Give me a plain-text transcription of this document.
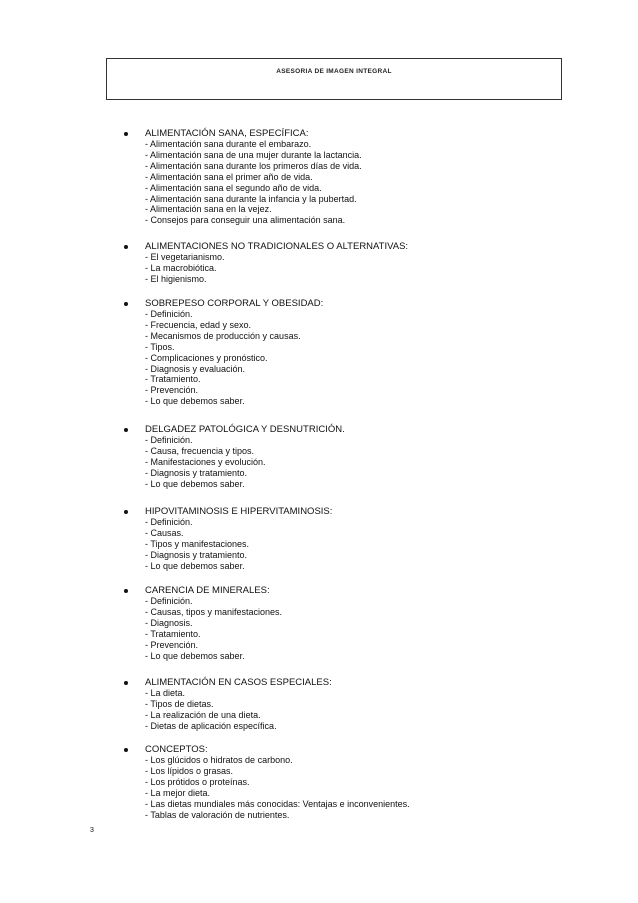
ASESORIA DE IMAGEN INTEGRAL
ALIMENTACIÓN SANA, ESPECÍFICA:
- Alimentación sana durante el embarazo.
- Alimentación sana de una mujer durante la lactancia.
- Alimentación sana durante los primeros días de vida.
- Alimentación sana el primer año de vida.
- Alimentación sana el segundo año de vida.
- Alimentación sana durante la infancia y la pubertad.
- Alimentación sana en la vejez.
- Consejos para conseguir una alimentación sana.
ALIMENTACIONES NO TRADICIONALES O ALTERNATIVAS:
- El vegetarianismo.
- La macrobiótica.
- El higienismo.
SOBREPESO CORPORAL Y OBESIDAD:
- Definición.
- Frecuencia, edad y sexo.
- Mecanismos de producción y causas.
- Tipos.
- Complicaciones y pronóstico.
- Diagnosis y evaluación.
- Tratamiento.
- Prevención.
- Lo que debemos saber.
DELGADEZ PATOLÓGICA Y DESNUTRICIÓN.
- Definición.
- Causa, frecuencia y tipos.
- Manifestaciones y evolución.
- Diagnosis y tratamiento.
- Lo que debemos saber.
HIPOVITAMINOSIS E HIPERVITAMINOSIS:
- Definición.
- Causas.
- Tipos y manifestaciones.
- Diagnosis y tratamiento.
- Lo que debemos saber.
CARENCIA DE MINERALES:
- Definición.
- Causas, tipos y manifestaciones.
- Diagnosis.
- Tratamiento.
- Prevención.
- Lo que debemos saber.
ALIMENTACIÓN EN CASOS ESPECIALES:
- La dieta.
- Tipos de dietas.
- La realización de una dieta.
- Dietas de aplicación específica.
CONCEPTOS:
- Los glúcidos o hidratos de carbono.
- Los lípidos o grasas.
- Los prótidos o proteínas.
- La mejor dieta.
- Las dietas mundiales más conocidas: Ventajas e inconvenientes.
- Tablas de valoración de nutrientes.
3
